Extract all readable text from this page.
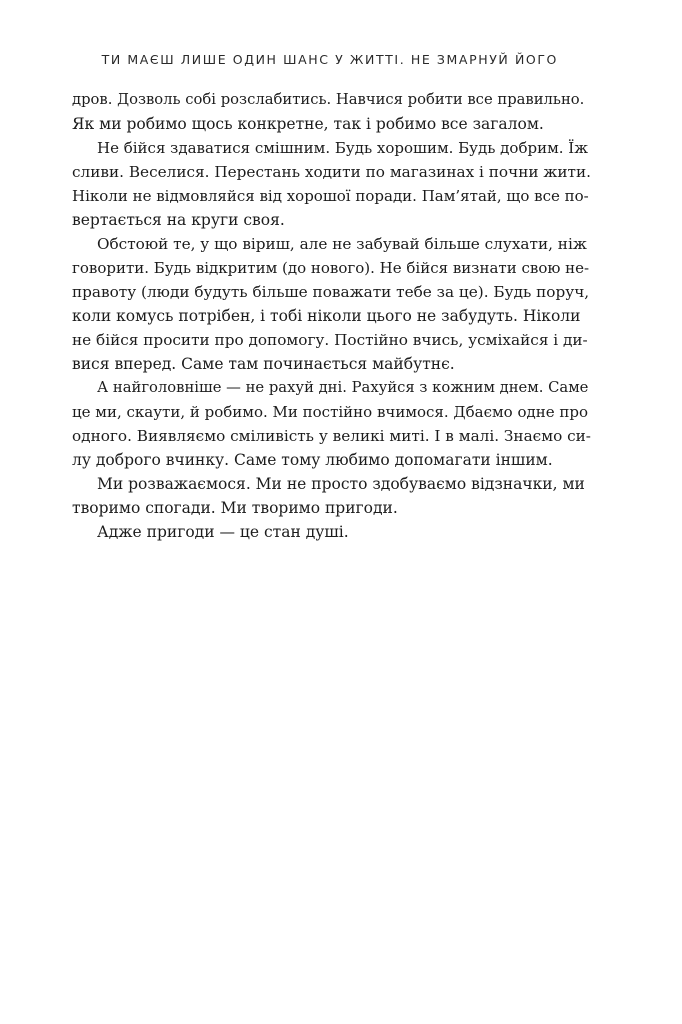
ТИ МАЄШ ЛИШЕ ОДИН ШАНС У ЖИТТІ. НЕ ЗМАРНУЙ ЙОГО
дров. Дозволь собі розслабитись. Навчися робити все правильно.
Як ми робимо щось конкретне, так і робимо все загалом.
Не бійся здаватися смішним. Будь хорошим. Будь добрим. Їж
сливи. Веселися. Перестань ходити по магазинах і почни жити.
Ніколи не відмовляйся від хорошої поради. Пам’ятай, що все по-
вертається на круги своя.
Обстоюй те, у що віриш, але не забувай більше слухати, ніж
говорити. Будь відкритим (до нового). Не бійся визнати свою не-
правоту (люди будуть більше поважати тебе за це). Будь поруч,
коли комусь потрібен, і тобі ніколи цього не забудуть. Ніколи
не бійся просити про допомогу. Постійно вчись, усміхайся і ди-
вися вперед. Саме там починається майбутнє.
А найголовніше — не рахуй дні. Рахуйся з кожним днем. Саме
це ми, скаути, й робимо. Ми постійно вчимося. Дбаємо одне про
одного. Виявляємо сміливість у великі миті. І в малі. Знаємо си-
лу доброго вчинку. Саме тому любимо допомагати іншим.
Ми розважаємося. Ми не просто здобуваємо відзначки, ми
творимо спогади. Ми творимо пригоди.
Адже пригоди — це стан душі.
